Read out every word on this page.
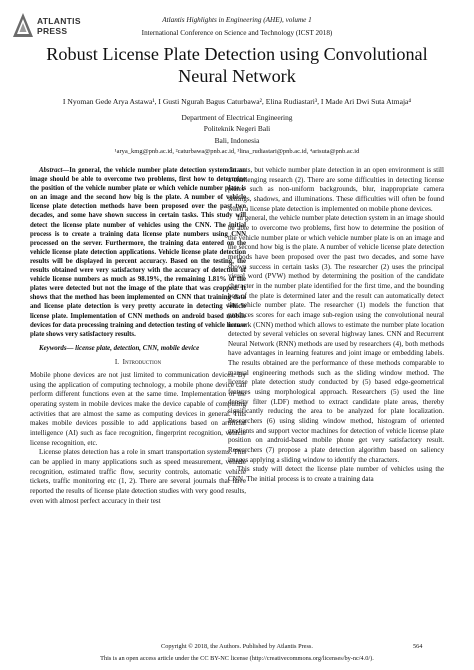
ATLANTIS
PRESS
Atlantis Highlights in Engineering (AHE), volume 1
International Conference on Science and Technology (ICST 2018)
Robust License Plate Detection using Convolutional
Neural Network
I Nyoman Gede Arya Astawa¹, I Gusti Ngurah Bagus Caturbawa², Elina Rudiastari³, I Made Ari Dwi Suta Atmaja⁴
Department of Electrical Engineering
Politeknik Negeri Bali
Bali, Indonesia
¹arya_kmg@pnb.ac.id, ²caturbawa@pnb.ac.id, ³lina_rudiastari@pnb.ac.id, ⁴arisuta@pnb.ac.id

Abstract—In general, the vehicle number plate detection system in an image should be able to overcome two problems, first how to determine the position of the vehicle number plate or which vehicle number plate is on an image and the second how big is the plate. A number of vehicle license plate detection methods have been proposed over the past two decades, and some have shown success in certain tasks. This study will detect the license plate number of vehicles using the CNN. The initial process is to create a training data license plate numbers using CNN processed on the server. Furthermore, the training data entered on the vehicle license plate detection applications. Vehicle license plate detection results will be displayed in percent accuracy. Based on the testing, the results obtained were very satisfactory with the accuracy of detection of vehicle license numbers as much as 98.19%, the remaining 1.81% of the plates were detected but not the image of the plate that was cropped. It shows that the method has been implemented on CNN that training data and license plate detection is very pretty accurate in detecting vehicle license plate. Implementation of CNN methods on android based mobile devices for data processing training and detection testing of vehicle license plate shows very satisfactory results.

Keywords— license plate, detection, CNN, mobile device

I. Introduction

Mobile phone devices are not just limited to communication devices. By using the application of computing technology, a mobile phone device can perform different functions even at the same time. Implementation of the operating system in mobile devices make the device capable of computing activities that are almost the same as computing devices in general. This makes mobile devices possible to add applications based on artificial intelligence (AI) such as face recognition, fingerprint recognition, vehicle license recognition, etc.

License plates detection has a role in smart transportation systems. This can be applied in many applications such as speed measurement, vehicle recognition, estimated traffic flow, security controls, automatic vehicle tickets, traffic monitoring etc (1, 2). There are several journals that have reported the results of license plate detection studies with very good results, even with almost perfect accuracy in their test

datasets, but vehicle number plate detection in an open environment is still a challenging research (2). There are some difficulties in detecting license plates such as non-uniform backgrounds, blur, inappropriate camera settings, shadows, and illuminations. These difficulties will often be found when a license plate detection is implemented on mobile phone devices.

In general, the vehicle number plate detection system in an image should be able to overcome two problems, first how to determine the position of the vehicle number plate or which vehicle number plate is on an image and the second how big is the plate. A number of vehicle license plate detection methods have been proposed over the past two decades, and some have shown success in certain tasks (3). The researcher (2) uses the principal visual word (PVW) method by determining the position of the candidate character in the number plate identified for the first time, and the bounding box of the plate is determined later and the result can automatically detect the vehicle number plate. The researcher (1) models the function that produces scores for each image sub-region using the convolutional neural network (CNN) method which allows to estimate the number plate location detected by several vehicles on several highway lanes. CNN and Recurrent Neural Network (RNN) methods are used by researchers (4), both methods have advantages in learning features and joint image or embedding labels. The results obtained are the performance of these methods comparable to manual engineering methods such as the sliding window method. The license plate detection study conducted by (5) based edge-geometrical features using morphological approach. Researchers (5) used the line density filter (LDF) method to extract candidate plate areas, thereby significantly reducing the area to be analyzed for plate localization. Researchers (6) using sliding window method, histogram of oriented gradients and support vector machines for detection of vehicle license plate position on android-based mobile phone get very satisfactory result. Researchers (7) propose a plate detection algorithm based on saliency images applying a sliding window to identify the characters.

This study will detect the license plate number of vehicles using the CNN. The initial process is to create a training data

Copyright © 2018, the Authors. Published by Atlantis Press.	564
This is an open access article under the CC BY-NC license (http://creativecommons.org/licenses/by-nc/4.0/).
